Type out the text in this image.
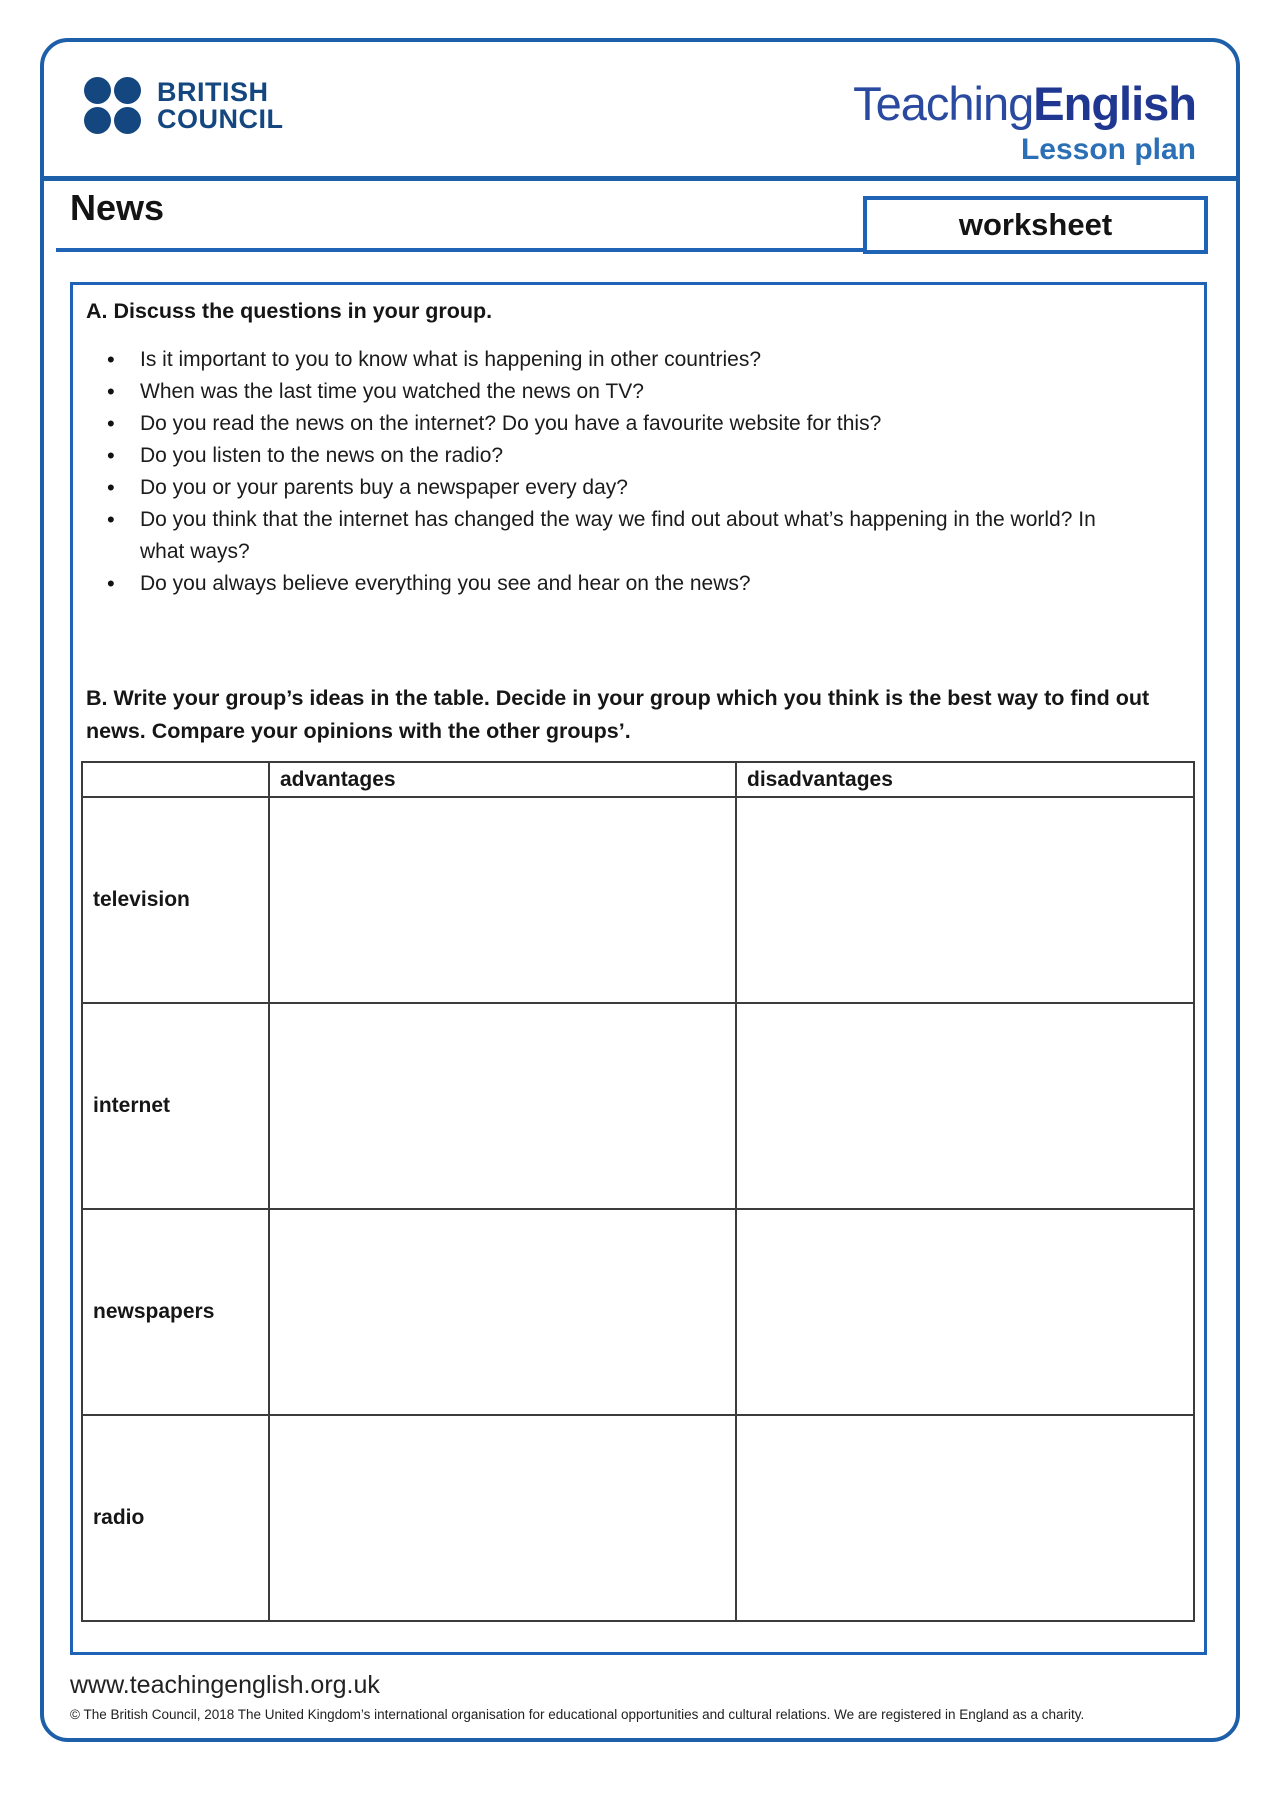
BRITISH
COUNCIL	TeachingEnglish
Lesson plan
News	worksheet

A. Discuss the questions in your group.

• Is it important to you to know what is happening in other countries?
• When was the last time you watched the news on TV?
• Do you read the news on the internet? Do you have a favourite website for this?
• Do you listen to the news on the radio?
• Do you or your parents buy a newspaper every day?
• Do you think that the internet has changed the way we find out about what’s happening in the world? In what ways?
• Do you always believe everything you see and hear on the news?

B. Write your group’s ideas in the table. Decide in your group which you think is the best way to find out news. Compare your opinions with the other groups’.

	advantages	disadvantages
television		
internet		
newspapers		
radio		
www.teachingenglish.org.uk
© The British Council, 2018 The United Kingdom’s international organisation for educational opportunities and cultural relations. We are registered in England as a charity.
